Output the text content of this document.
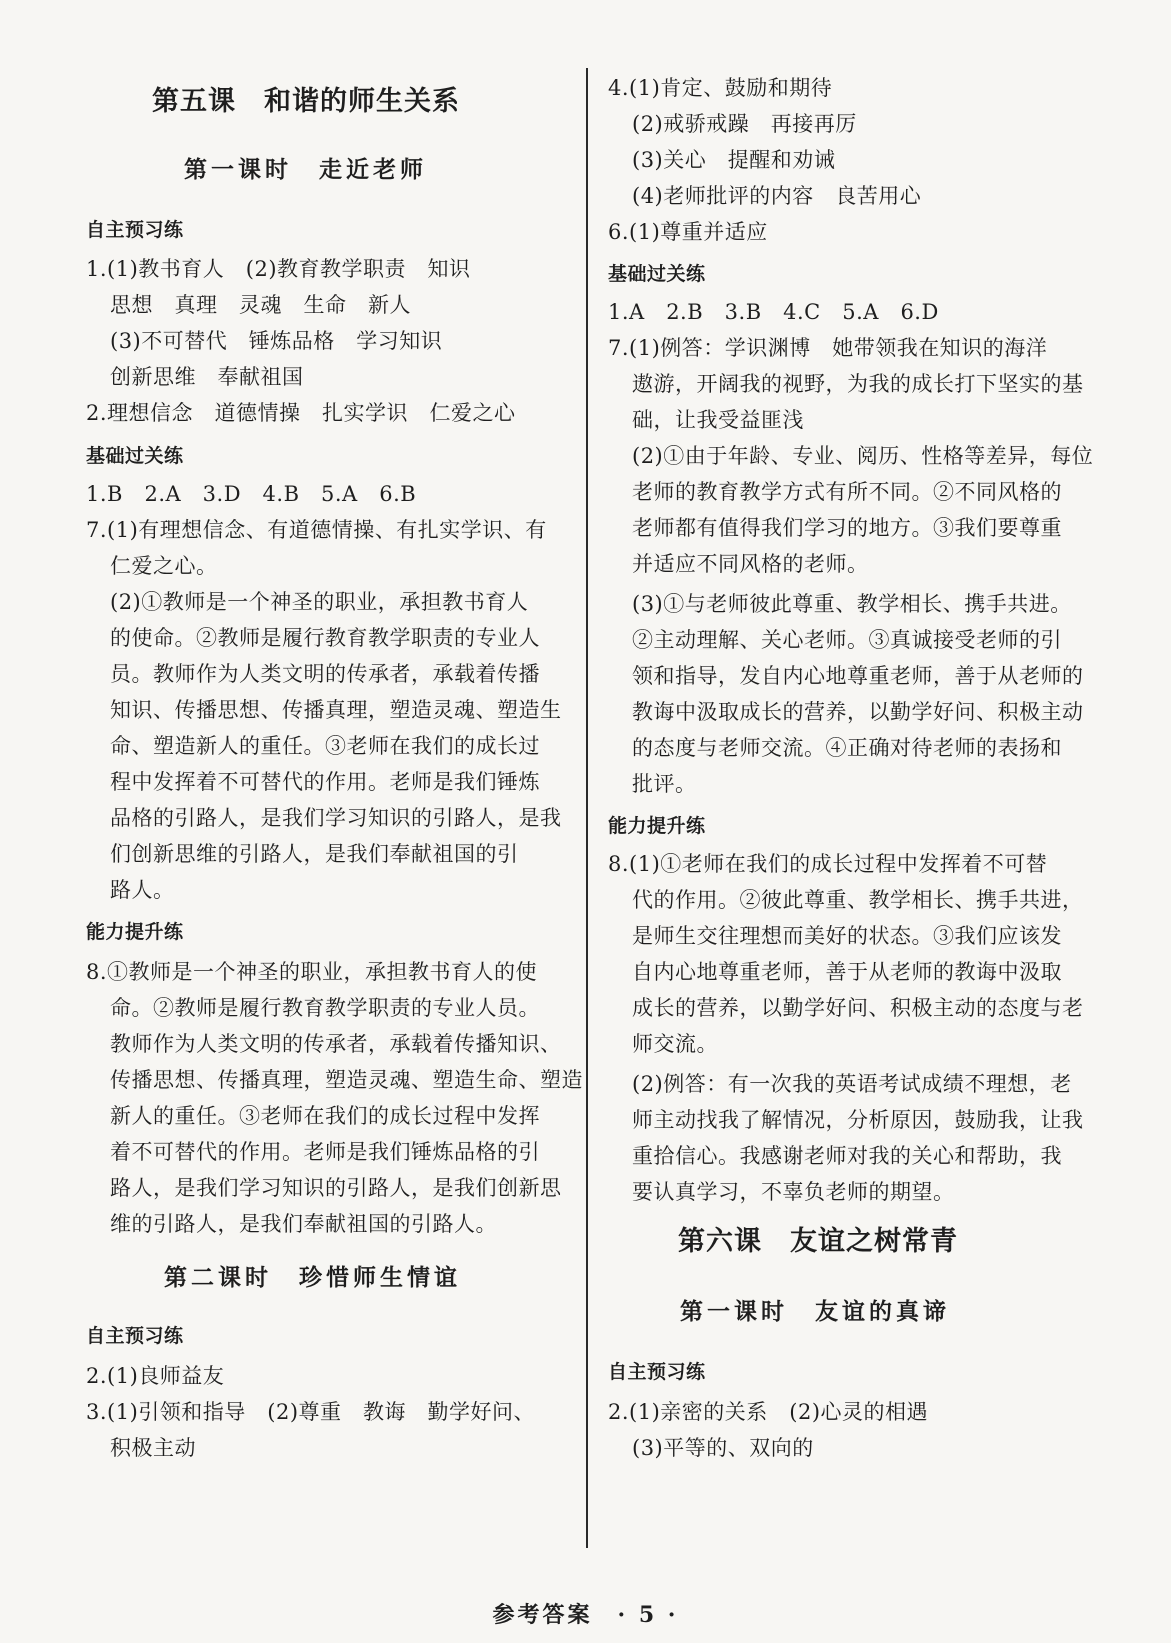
第五课　和谐的师生关系
第一课时　走近老师
自主预习练
1.(1)教书育人　(2)教育教学职责　知识
思想　真理　灵魂　生命　新人
(3)不可替代　锤炼品格　学习知识
创新思维　奉献祖国
2.理想信念　道德情操　扎实学识　仁爱之心
基础过关练
1.B　2.A　3.D　4.B　5.A　6.B
7.(1)有理想信念、有道德情操、有扎实学识、有
仁爱之心。
(2)①教师是一个神圣的职业，承担教书育人
的使命。②教师是履行教育教学职责的专业人
员。教师作为人类文明的传承者，承载着传播
知识、传播思想、传播真理，塑造灵魂、塑造生
命、塑造新人的重任。③老师在我们的成长过
程中发挥着不可替代的作用。老师是我们锤炼
品格的引路人，是我们学习知识的引路人，是我
们创新思维的引路人，是我们奉献祖国的引
路人。
能力提升练
8.①教师是一个神圣的职业，承担教书育人的使
命。②教师是履行教育教学职责的专业人员。
教师作为人类文明的传承者，承载着传播知识、
传播思想、传播真理，塑造灵魂、塑造生命、塑造
新人的重任。③老师在我们的成长过程中发挥
着不可替代的作用。老师是我们锤炼品格的引
路人，是我们学习知识的引路人，是我们创新思
维的引路人，是我们奉献祖国的引路人。
第二课时　珍惜师生情谊
自主预习练
2.(1)良师益友
3.(1)引领和指导　(2)尊重　教诲　勤学好问、
积极主动
4.(1)肯定、鼓励和期待
(2)戒骄戒躁　再接再厉
(3)关心　提醒和劝诫
(4)老师批评的内容　良苦用心
6.(1)尊重并适应
基础过关练
1.A　2.B　3.B　4.C　5.A　6.D
7.(1)例答：学识渊博　她带领我在知识的海洋
遨游，开阔我的视野，为我的成长打下坚实的基
础，让我受益匪浅
(2)①由于年龄、专业、阅历、性格等差异，每位
老师的教育教学方式有所不同。②不同风格的
老师都有值得我们学习的地方。③我们要尊重
并适应不同风格的老师。
(3)①与老师彼此尊重、教学相长、携手共进。
②主动理解、关心老师。③真诚接受老师的引
领和指导，发自内心地尊重老师，善于从老师的
教诲中汲取成长的营养，以勤学好问、积极主动
的态度与老师交流。④正确对待老师的表扬和
批评。
能力提升练
8.(1)①老师在我们的成长过程中发挥着不可替
代的作用。②彼此尊重、教学相长、携手共进，
是师生交往理想而美好的状态。③我们应该发
自内心地尊重老师，善于从老师的教诲中汲取
成长的营养，以勤学好问、积极主动的态度与老
师交流。
(2)例答：有一次我的英语考试成绩不理想，老
师主动找我了解情况，分析原因，鼓励我，让我
重拾信心。我感谢老师对我的关心和帮助，我
要认真学习，不辜负老师的期望。
第六课　友谊之树常青
第一课时　友谊的真谛
自主预习练
2.(1)亲密的关系　(2)心灵的相遇
(3)平等的、双向的
参考答案　· 5 ·
